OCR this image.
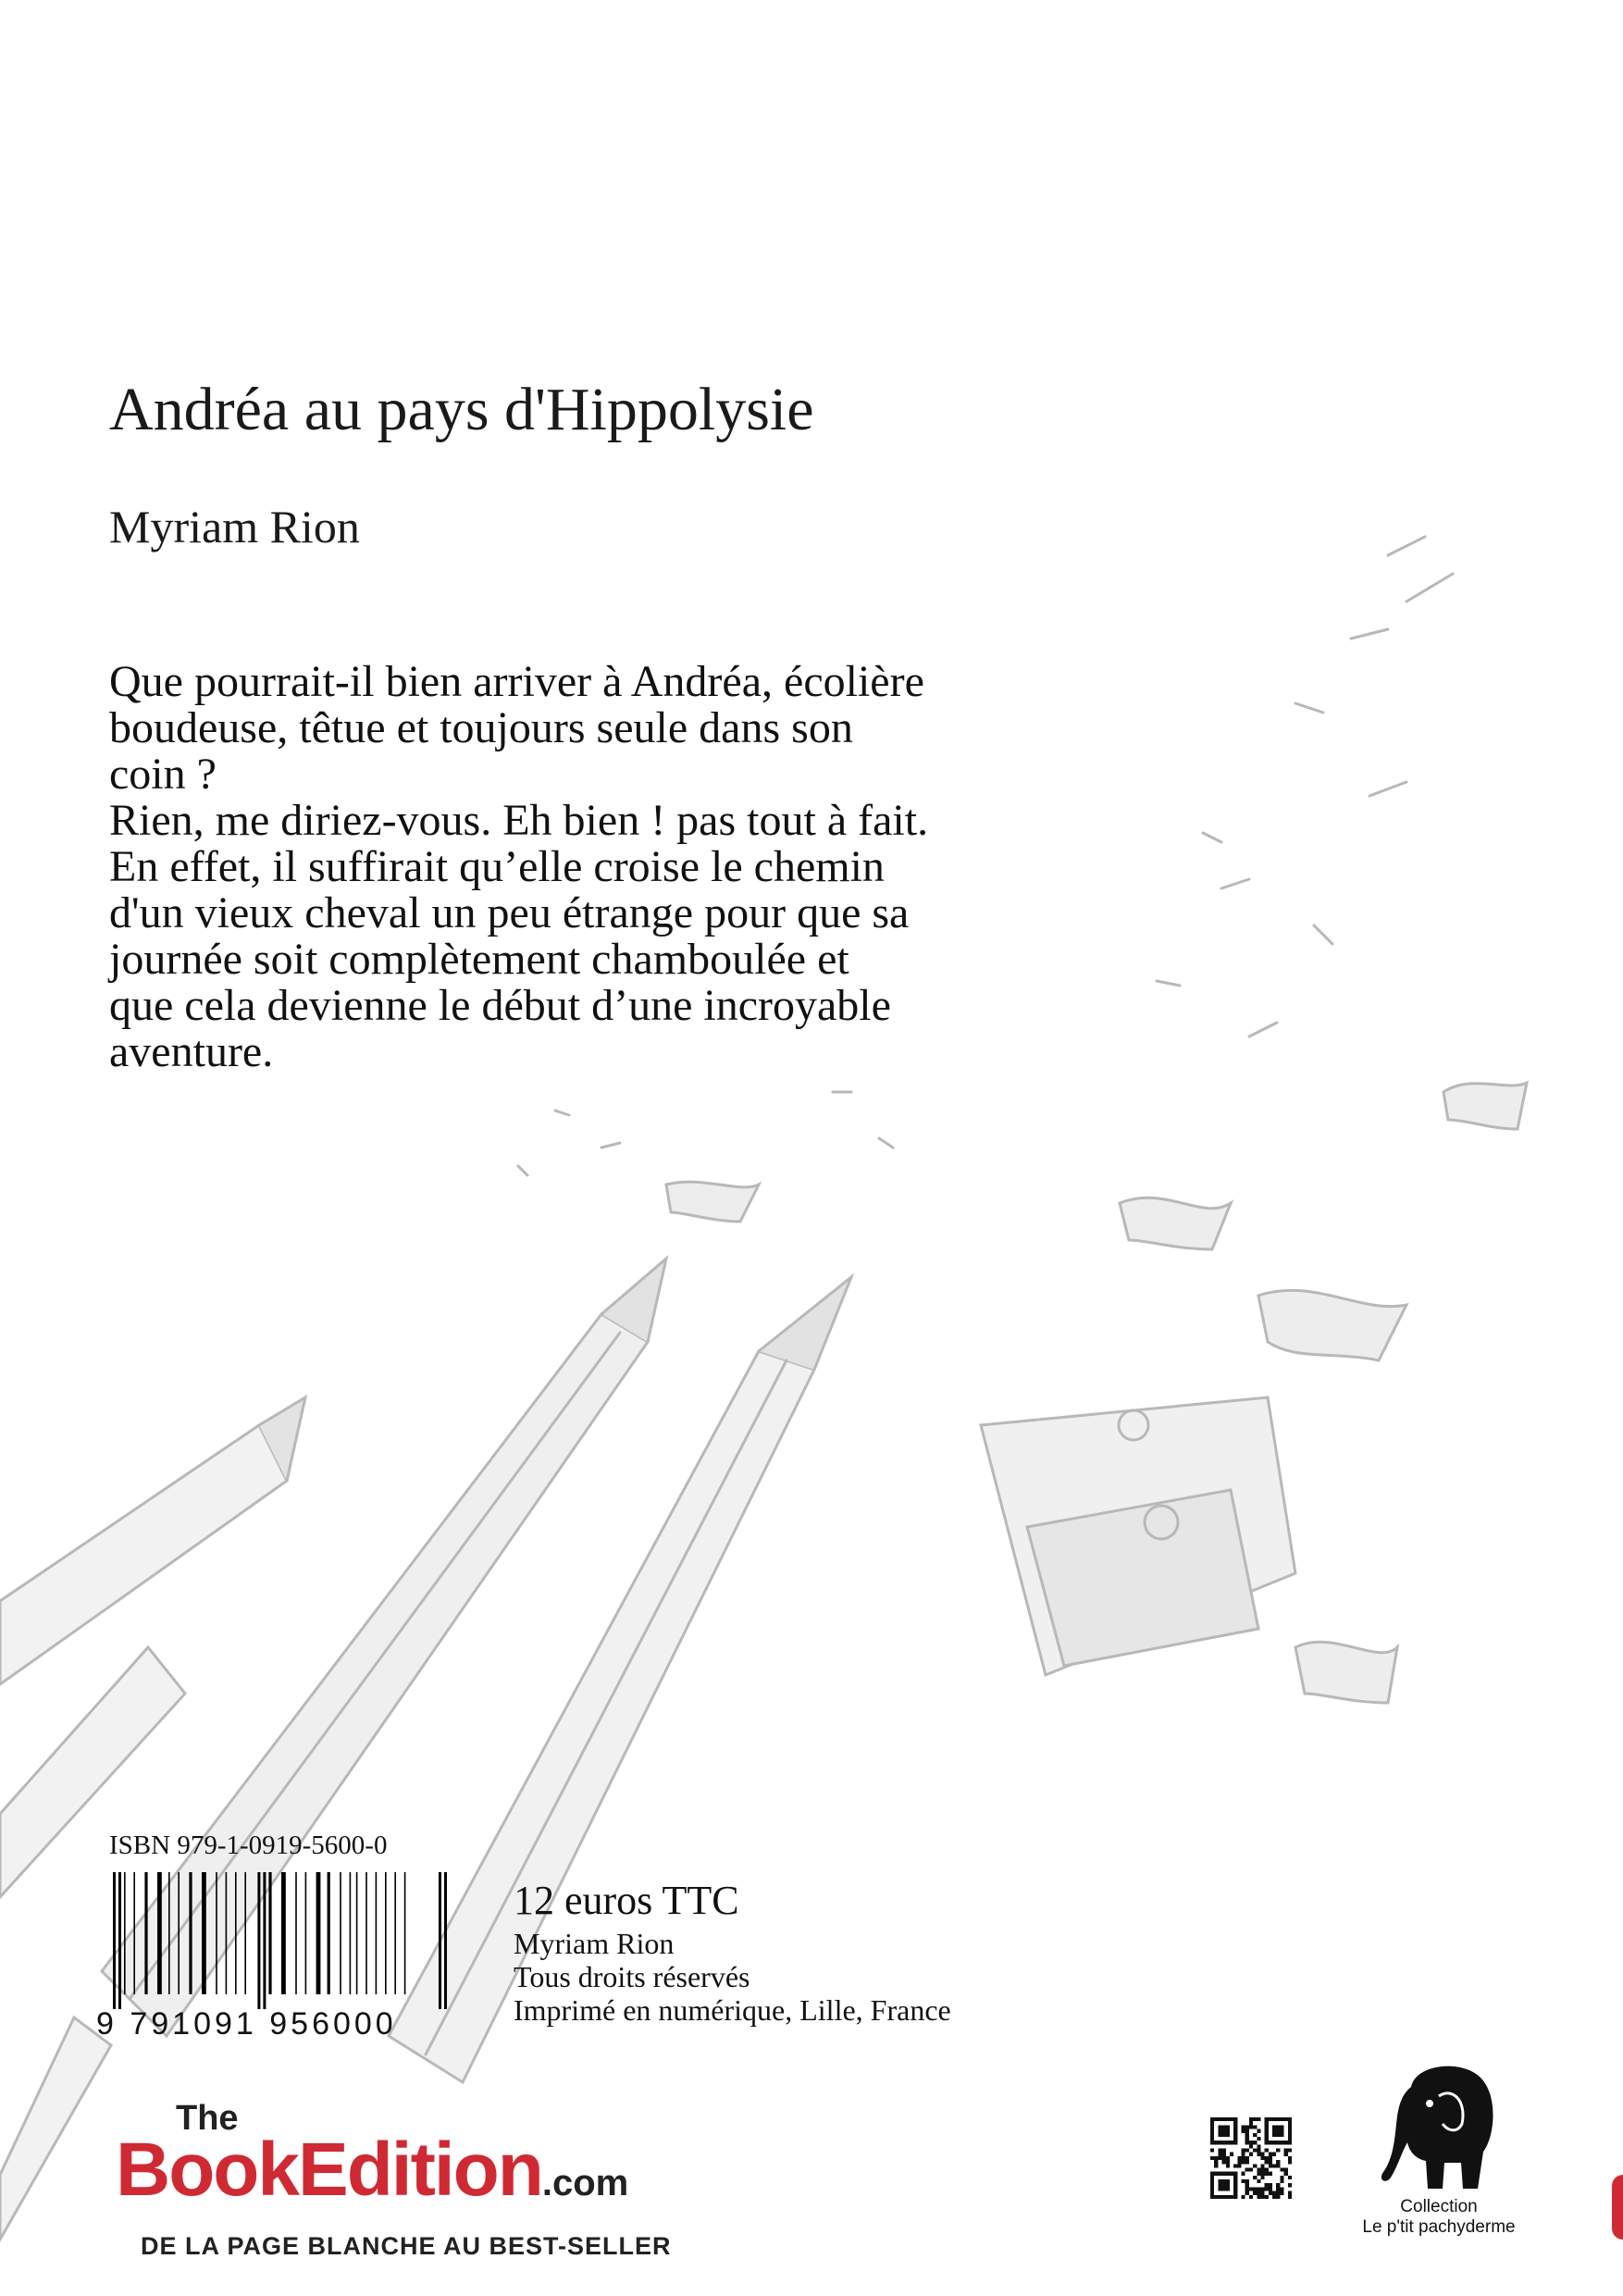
Andréa au pays d'Hippolysie
Myriam Rion

Que pourrait-il bien arriver à Andréa, écolière

boudeuse, têtue et toujours seule dans son

coin ?

Rien, me diriez-vous. Eh bien ! pas tout à fait.

En effet, il suffirait qu’elle croise le chemin

d'un vieux cheval un peu étrange pour que sa

journée soit complètement chamboulée et

que cela devienne le début d’une incroyable

aventure.

ISBN 979-1-0919-5600-0
9 791091 956000
12 euros TTC
Myriam Rion
Tous droits réservés
Imprimé en numérique, Lille, France
The
BookEdition.com
DE LA PAGE BLANCHE AU BEST-SELLER
Collection
Le p'tit pachyderme
